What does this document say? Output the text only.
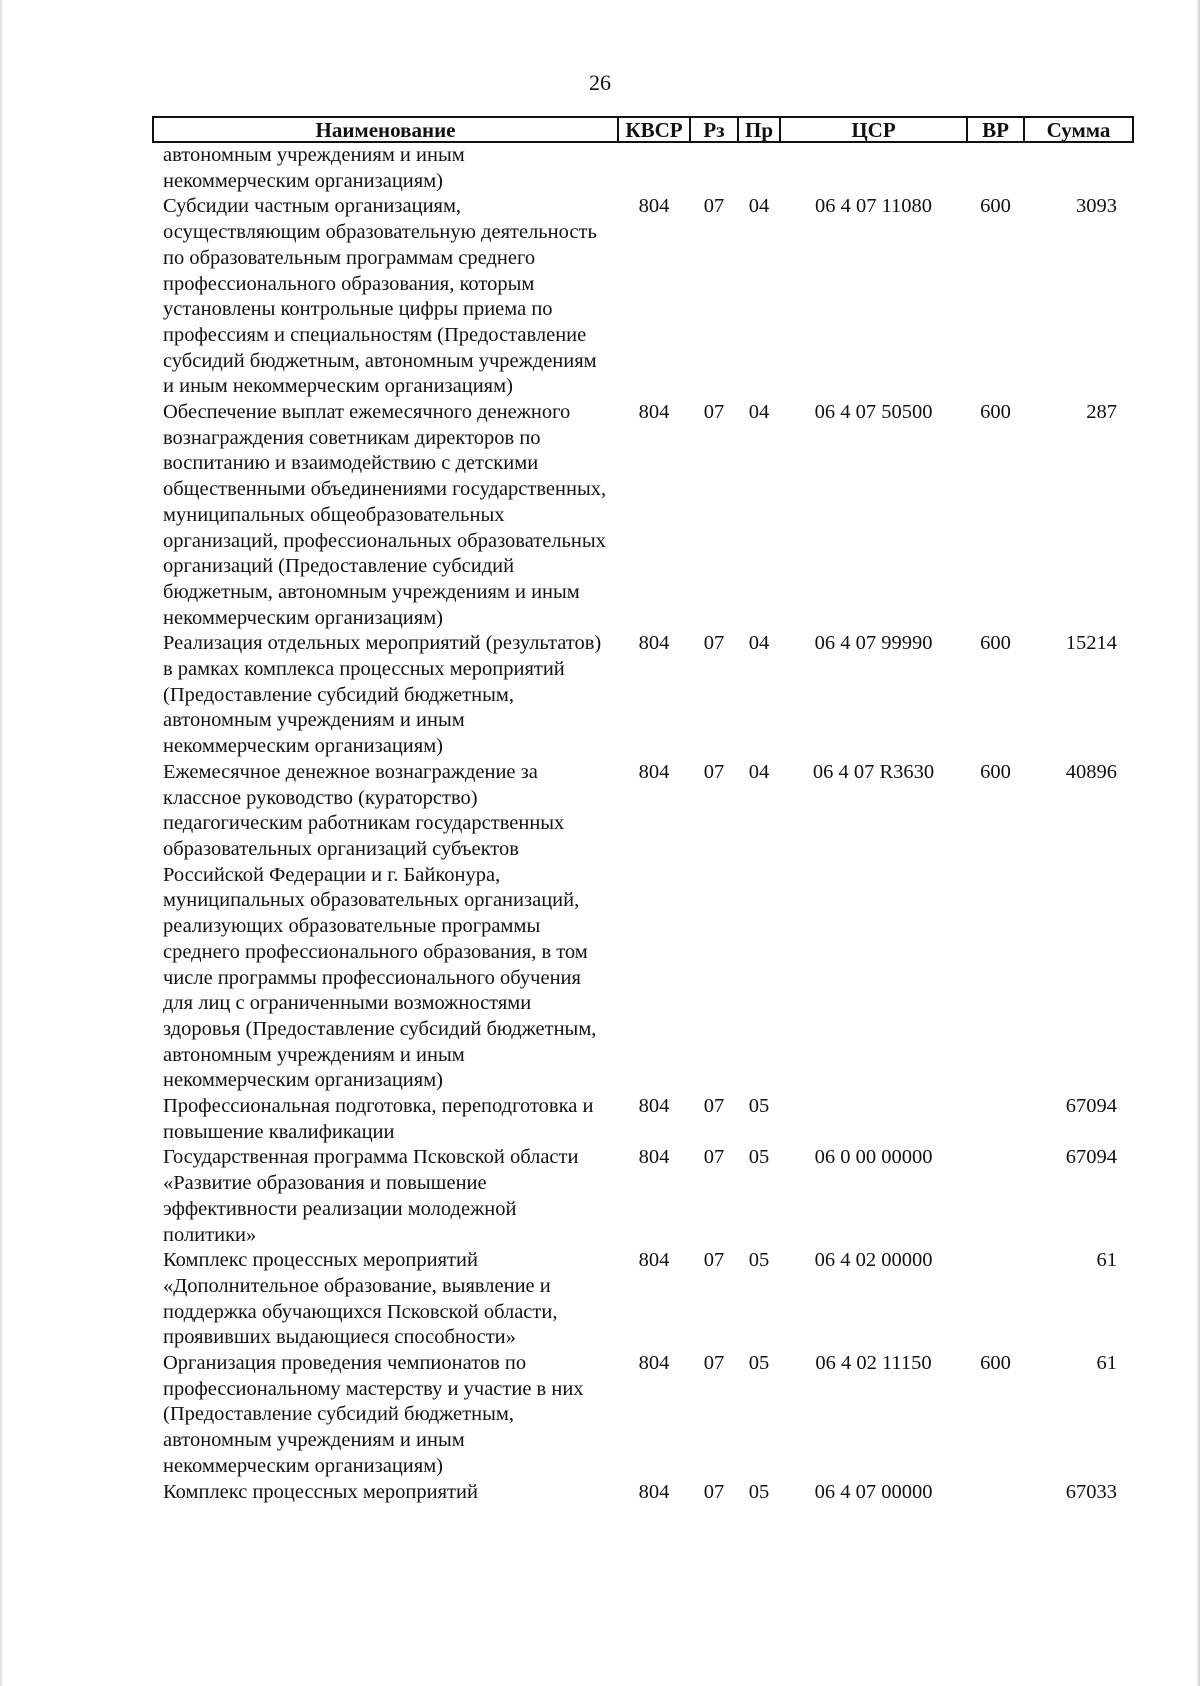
26
Наименование	КВСР	Рз	Пр	ЦСР	ВР	Сумма
автономным учреждениям и иным некоммерческим организациям)						
Субсидии частным организациям, осуществляющим образовательную деятельность по образовательным программам среднего профессионального образования, которым установлены контрольные цифры приема по профессиям и специальностям (Предоставление субсидий бюджетным, автономным учреждениям и иным некоммерческим организациям)	804	07	04	06 4 07 11080	600	3093
Обеспечение выплат ежемесячного денежного вознаграждения советникам директоров по воспитанию и взаимодействию с детскими общественными объединениями государственных, муниципальных общеобразовательных организаций, профессиональных образовательных организаций (Предоставление субсидий бюджетным, автономным учреждениям и иным некоммерческим организациям)	804	07	04	06 4 07 50500	600	287
Реализация отдельных мероприятий (результатов) в рамках комплекса процессных мероприятий (Предоставление субсидий бюджетным, автономным учреждениям и иным некоммерческим организациям)	804	07	04	06 4 07 99990	600	15214
Ежемесячное денежное вознаграждение за классное руководство (кураторство) педагогическим работникам государственных образовательных организаций субъектов Российской Федерации и г. Байконура, муниципальных образовательных организаций, реализующих образовательные программы среднего профессионального образования, в том числе программы профессионального обучения для лиц с ограниченными возможностями здоровья (Предоставление субсидий бюджетным, автономным учреждениям и иным некоммерческим организациям)	804	07	04	06 4 07 R3630	600	40896
Профессиональная подготовка, переподготовка и повышение квалификации	804	07	05			67094
Государственная программа Псковской области «Развитие образования и повышение эффективности реализации молодежной политики»	804	07	05	06 0 00 00000		67094
Комплекс процессных мероприятий «Дополнительное образование, выявление и поддержка обучающихся Псковской области, проявивших выдающиеся способности»	804	07	05	06 4 02 00000		61
Организация проведения чемпионатов по профессиональному мастерству и участие в них (Предоставление субсидий бюджетным, автономным учреждениям и иным некоммерческим организациям)	804	07	05	06 4 02 11150	600	61
Комплекс процессных мероприятий	804	07	05	06 4 07 00000		67033
